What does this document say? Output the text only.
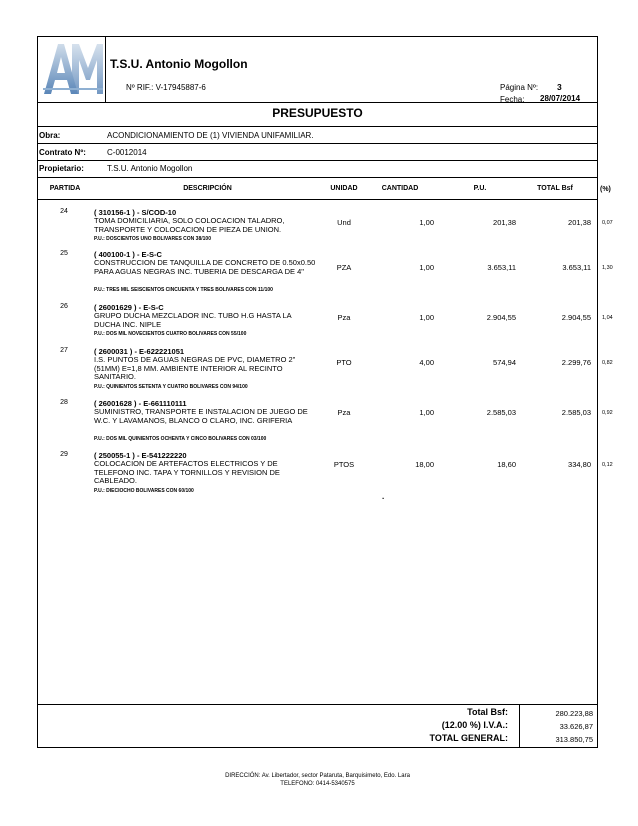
T.S.U. Antonio Mogollon
Nº RIF.: V-17945887-6	Página Nº: 3
Fecha: 28/07/2014
PRESUPUESTO
Obra:	ACONDICIONAMIENTO DE (1) VIVIENDA UNIFAMILIAR.
Contrato Nº:	C-0012014
Propietario:	T.S.U. Antonio Mogollon
PARTIDA	DESCRIPCIÓN	UNIDAD	CANTIDAD	P.U.	TOTAL Bsf	(%)
24	( 310156-1 ) - S/COD-10
TOMA DOMICILIARIA, SOLO COLOCACION TALADRO, TRANSPORTE Y COLOCACION DE PIEZA DE UNION.
P.U.: DOSCIENTOS UNO BOLIVARES CON 38/100
Und	1,00	201,38	201,38 0,07
25	( 400100-1 ) - E-S-C
CONSTRUCCION DE TANQUILLA DE CONCRETO DE 0.50x0.50 PARA AGUAS NEGRAS INC. TUBERIA DE DESCARGA DE 4"
P.U.: TRES MIL SEISCIENTOS CINCUENTA Y TRES BOLIVARES CON 11/100
PZA	1,00	3.653,11	3.653,11 1,30
26	( 26001629 ) - E-S-C
GRUPO DUCHA MEZCLADOR INC. TUBO H.G HASTA LA DUCHA INC. NIPLE
P.U.: DOS MIL NOVECIENTOS CUATRO BOLIVARES CON 55/100
Pza	1,00	2.904,55	2.904,55 1,04
27	( 2600031 ) - E-622221051
I.S. PUNTOS DE AGUAS NEGRAS DE PVC, DIAMETRO 2" (51MM) E=1,8 MM. AMBIENTE INTERIOR AL RECINTO SANITARIO.
P.U.: QUINIENTOS SETENTA Y CUATRO BOLIVARES CON 94/100
PTO	4,00	574,94	2.299,76 0,82
28	( 26001628 ) - E-661110111
SUMINISTRO, TRANSPORTE E INSTALACION DE JUEGO DE W.C. Y LAVAMANOS, BLANCO O CLARO, INC. GRIFERIA
P.U.: DOS MIL QUINIENTOS OCHENTA Y CINCO BOLIVARES CON 03/100
Pza	1,00	2.585,03	2.585,03 0,92
29	( 250055-1 ) - E-541222220
COLOCACION DE ARTEFACTOS ELECTRICOS Y DE TELEFONO INC. TAPA Y TORNILLOS Y REVISION DE CABLEADO.
P.U.: DIECIOCHO BOLIVARES CON 60/100
PTOS	18,00	18,60	334,80 0,12
.
Total Bsf:	280.223,88
(12.00 %) I.V.A.:	33.626,87
TOTAL GENERAL:	313.850,75
DIRECCIÓN: Av. Libertador, sector Pataruta, Barquisimeto, Edo. Lara
TELEFONO: 0414-5340575
